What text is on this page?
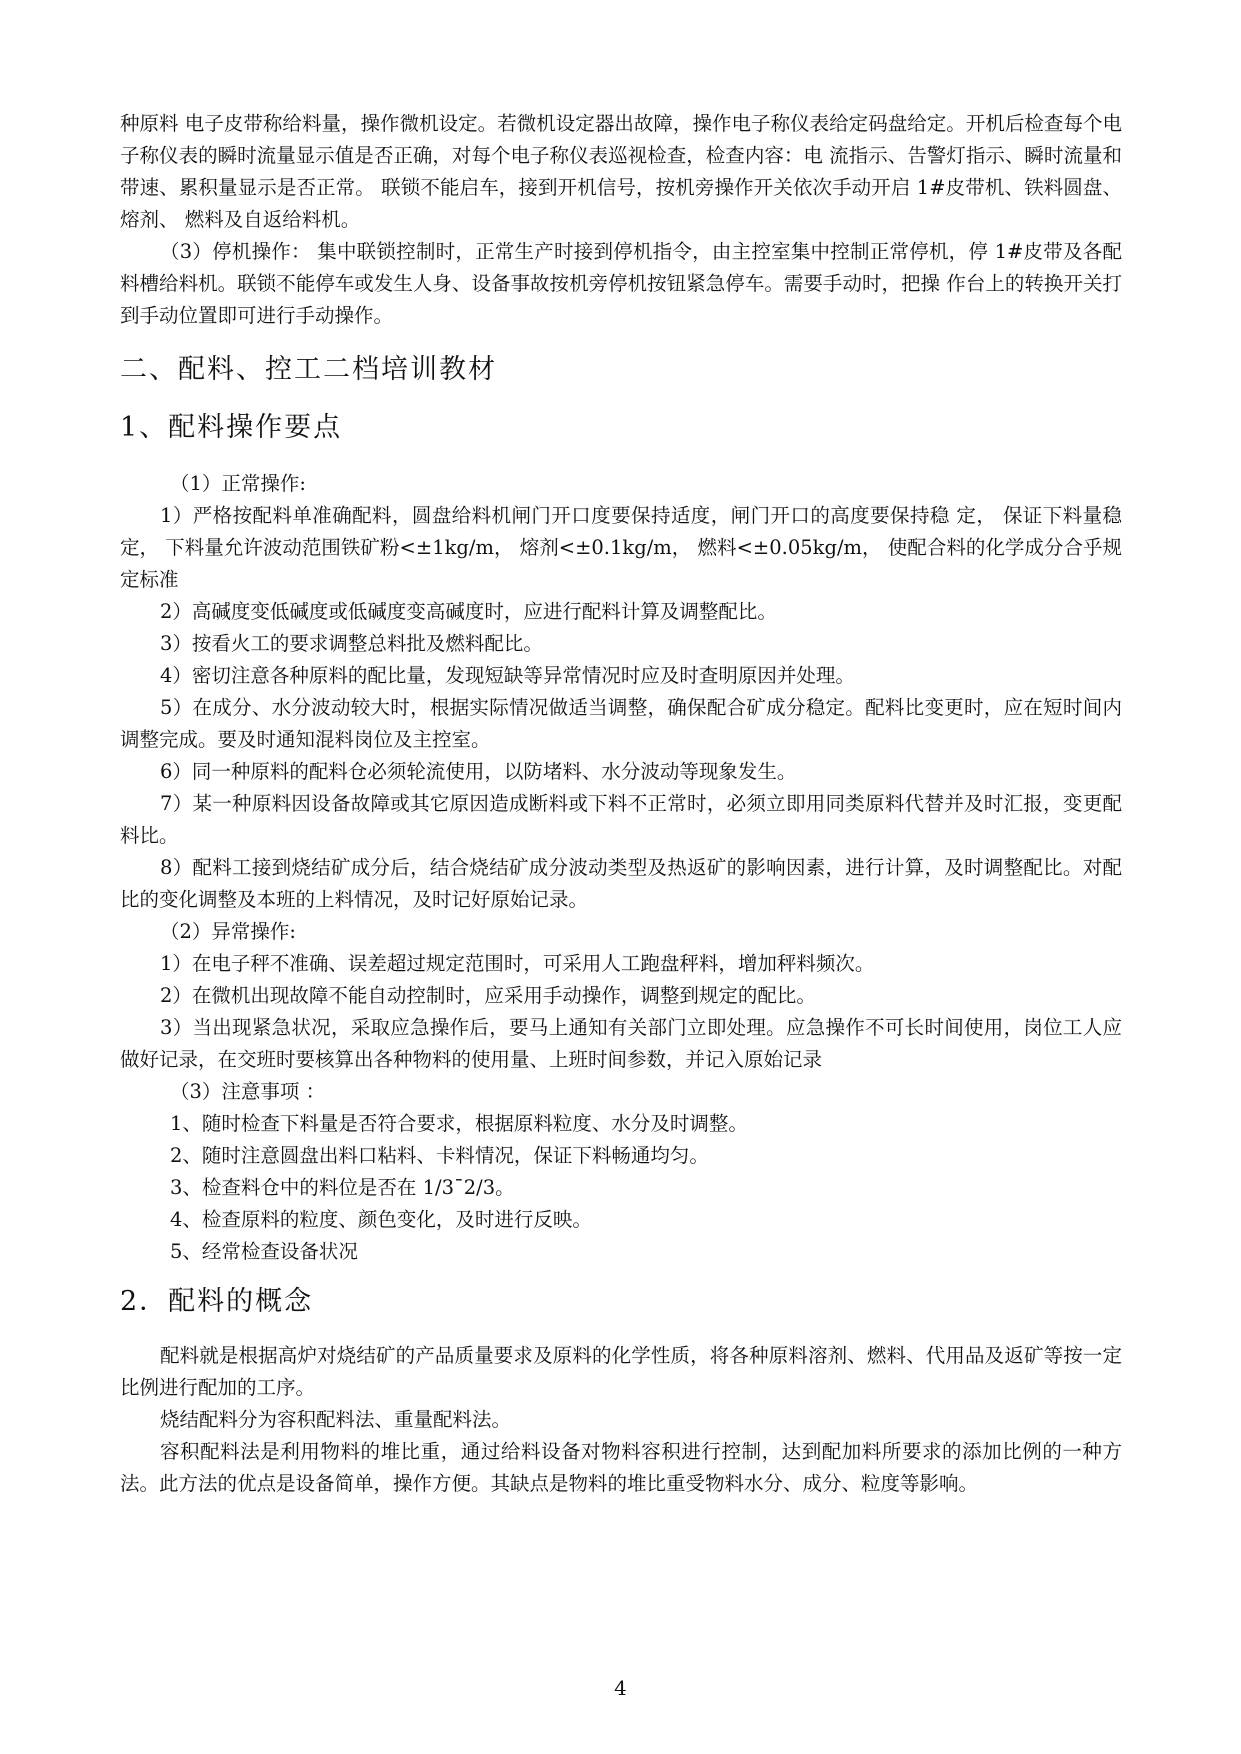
种原料 电子皮带称给料量，操作微机设定。若微机设定器出故障，操作电子称仪表给定码盘给定。开机后检查每个电子称仪表的瞬时流量显示值是否正确，对每个电子称仪表巡视检查，检查内容：电 流指示、告警灯指示、瞬时流量和带速、累积量显示是否正常。 联锁不能启车，接到开机信号，按机旁操作开关依次手动开启 1#皮带机、铁料圆盘、熔剂、 燃料及自返给料机。

（3）停机操作： 集中联锁控制时，正常生产时接到停机指令，由主控室集中控制正常停机，停 1#皮带及各配 料槽给料机。联锁不能停车或发生人身、设备事故按机旁停机按钮紧急停车。需要手动时，把操 作台上的转换开关打到手动位置即可进行手动操作。

二、配料、控工二档培训教材
1、配料操作要点

（1）正常操作:

1）严格按配料单准确配料，圆盘给料机闸门开口度要保持适度，闸门开口的高度要保持稳 定， 保证下料量稳定， 下料量允许波动范围铁矿粉<±1kg/m， 熔剂<±0.1kg/m， 燃料<±0.05kg/m， 使配合料的化学成分合乎规定标准

2）高碱度变低碱度或低碱度变高碱度时，应进行配料计算及调整配比。

3）按看火工的要求调整总料批及燃料配比。

4）密切注意各种原料的配比量，发现短缺等异常情况时应及时查明原因并处理。

5）在成分、水分波动较大时，根据实际情况做适当调整，确保配合矿成分稳定。配料比变更时，应在短时间内调整完成。要及时通知混料岗位及主控室。

6）同一种原料的配料仓必须轮流使用，以防堵料、水分波动等现象发生。

7）某一种原料因设备故障或其它原因造成断料或下料不正常时，必须立即用同类原料代替并及时汇报，变更配料比。

8）配料工接到烧结矿成分后，结合烧结矿成分波动类型及热返矿的影响因素，进行计算，及时调整配比。对配比的变化调整及本班的上料情况，及时记好原始记录。

（2）异常操作:

1）在电子秤不准确、误差超过规定范围时，可采用人工跑盘秤料，增加秤料频次。

2）在微机出现故障不能自动控制时，应采用手动操作，调整到规定的配比。

3）当出现紧急状况，采取应急操作后，要马上通知有关部门立即处理。应急操作不可长时间使用，岗位工人应做好记录，在交班时要核算出各种物料的使用量、上班时间参数，并记入原始记录

（3）注意事项 ：

1、随时检查下料量是否符合要求，根据原料粒度、水分及时调整。

2、随时注意圆盘出料口粘料、卡料情况，保证下料畅通均匀。

3、检查料仓中的料位是否在 1/3¯2/3。

4、检查原料的粒度、颜色变化，及时进行反映。

5、经常检查设备状况

2．配料的概念

配料就是根据高炉对烧结矿的产品质量要求及原料的化学性质，将各种原料溶剂、燃料、代用品及返矿等按一定比例进行配加的工序。

烧结配料分为容积配料法、重量配料法。

容积配料法是利用物料的堆比重，通过给料设备对物料容积进行控制，达到配加料所要求的添加比例的一种方法。此方法的优点是设备简单，操作方便。其缺点是物料的堆比重受物料水分、成分、粒度等影响。

4
